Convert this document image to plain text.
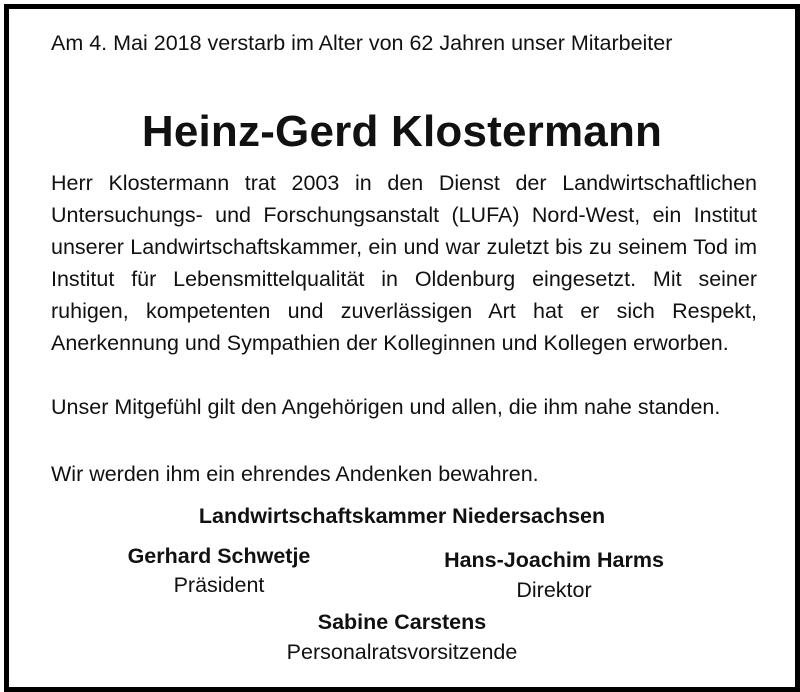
Am 4. Mai 2018 verstarb im Alter von 62 Jahren unser Mitarbeiter

Heinz-Gerd Klostermann

Herr Klostermann trat 2003 in den Dienst der Landwirtschaftlichen Untersuchungs- und Forschungsanstalt (LUFA) Nord-West, ein Institut unserer Landwirtschaftskammer, ein und war zuletzt bis zu seinem Tod im Institut für Lebensmittelqualität in Oldenburg eingesetzt. Mit seiner ruhigen, kompetenten und zuverlässigen Art hat er sich Respekt, Anerkennung und Sympathien der Kolleginnen und Kollegen erworben.

Unser Mitgefühl gilt den Angehörigen und allen, die ihm nahe standen.

Wir werden ihm ein ehrendes Andenken bewahren.

Landwirtschaftskammer Niedersachsen

Gerhard Schwetje

Präsident

Hans-Joachim Harms

Direktor

Sabine Carstens

Personalratsvorsitzende
